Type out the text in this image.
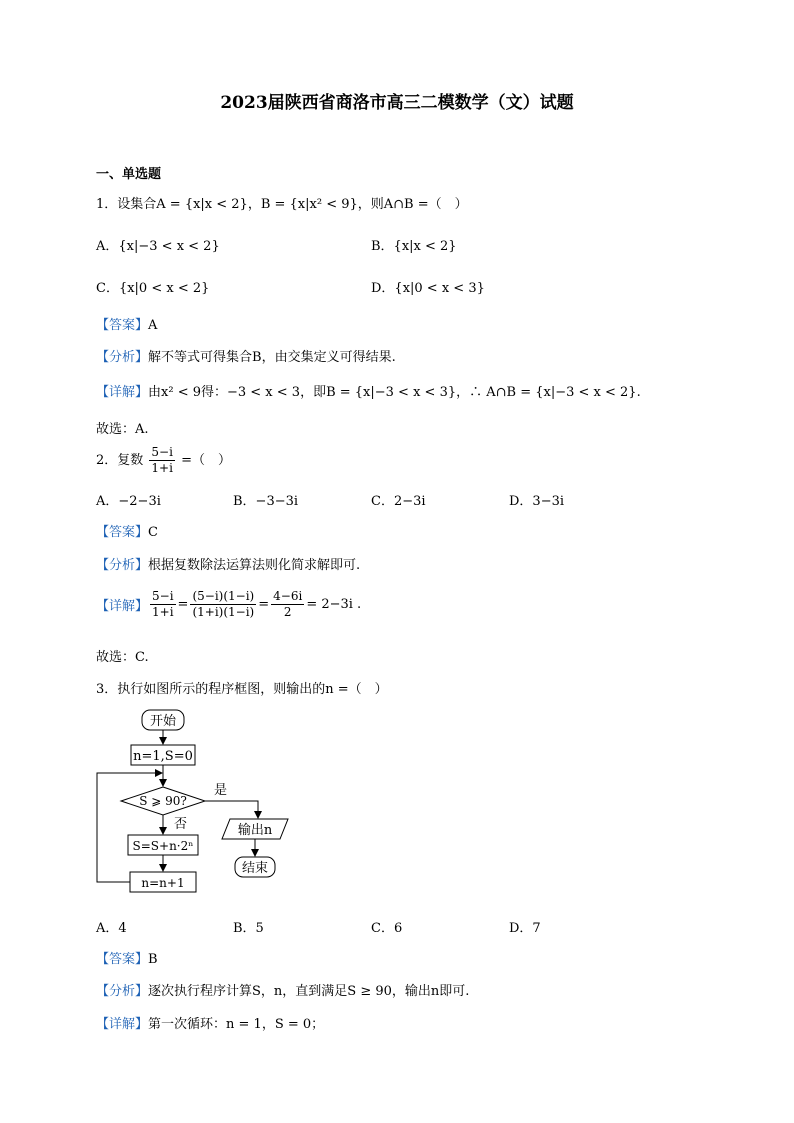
2023届陕西省商洛市高三二模数学（文）试题
一、单选题
1．设集合A = {x|x < 2}，B = {x|x² < 9}，则A∩B =（　）
A．{x|−3 < x < 2}	B．{x|x < 2}
C．{x|0 < x < 2}	D．{x|0 < x < 3}
【答案】A
【分析】解不等式可得集合B，由交集定义可得结果.
【详解】由x² < 9得：−3 < x < 3，即B = {x|−3 < x < 3}，∴ A∩B = {x|−3 < x < 2}.
故选：A.
2．复数 $\frac{5-i}{1+i}$ =（　）
A．−2−3i	B．−3−3i	C．2−3i	D．3−3i
【答案】C
【分析】根据复数除法运算法则化简求解即可.
【详解】 $\frac{5-i}{1+i} = \frac{(5-i)(1-i)}{(1+i)(1-i)} = \frac{4-6i}{2} = 2-3i$ .
故选：C.
3．执行如图所示的程序框图，则输出的n =（　）
开始
n=1,S=0
S ⩾ 90?
是
输出n
结束
否
S=S+n·2ⁿ
n=n+1
A．4	B．5	C．6	D．7
【答案】B
【分析】逐次执行程序计算S，n，直到满足S ≥ 90，输出n即可.
【详解】第一次循环：n = 1，S = 0；
